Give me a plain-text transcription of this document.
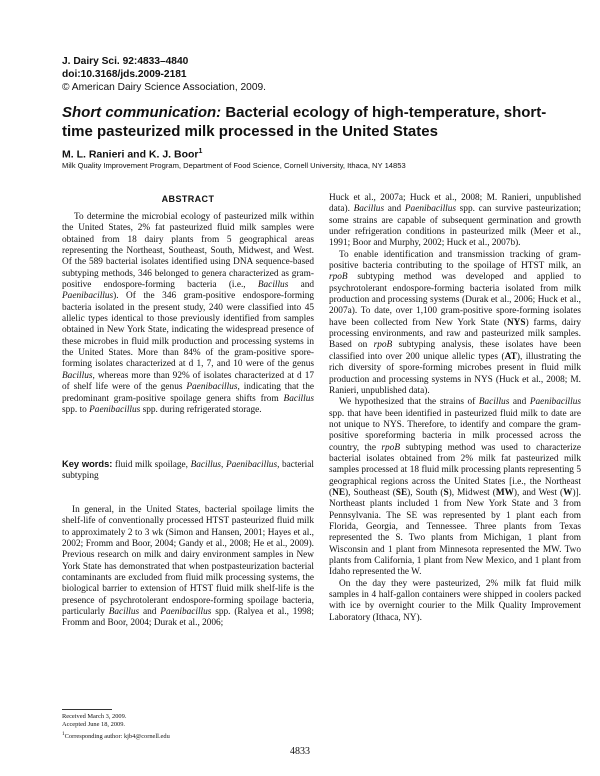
J. Dairy Sci. 92:4833–4840
doi:10.3168/jds.2009-2181
© American Dairy Science Association, 2009.
Short communication: Bacterial ecology of high-temperature, short-time pasteurized milk processed in the United States
M. L. Ranieri and K. J. Boor$^1$
Milk Quality Improvement Program, Department of Food Science, Cornell University, Ithaca, NY 14853
ABSTRACT

To determine the microbial ecology of pasteurized milk within the United States, 2% fat pasteurized fluid milk samples were obtained from 18 dairy plants from 5 geographical areas representing the Northeast, Southeast, South, Midwest, and West. Of the 589 bacterial isolates identified using DNA sequence-based subtyping methods, 346 belonged to genera characterized as gram-positive endospore-forming bacteria (i.e., Bacillus and Paenibacillus). Of the 346 gram-positive endospore-forming bacteria isolated in the present study, 240 were classified into 45 allelic types identical to those previously identified from samples obtained in New York State, indicating the widespread presence of these microbes in fluid milk production and processing systems in the United States. More than 84% of the gram-positive spore-forming isolates characterized at d 1, 7, and 10 were of the genus Bacillus, whereas more than 92% of isolates characterized at d 17 of shelf life were of the genus Paenibacillus, indicating that the predominant gram-positive spoilage genera shifts from Bacillus spp. to Paenibacillus spp. during refrigerated storage.

Key words: fluid milk spoilage, Bacillus, Paenibacillus, bacterial subtyping

In general, in the United States, bacterial spoilage limits the shelf-life of conventionally processed HTST pasteurized fluid milk to approximately 2 to 3 wk (Simon and Hansen, 2001; Hayes et al., 2002; Fromm and Boor, 2004; Gandy et al., 2008; He et al., 2009). Previous research on milk and dairy environment samples in New York State has demonstrated that when postpasteurization bacterial contaminants are excluded from fluid milk processing systems, the biological barrier to extension of HTST fluid milk shelf-life is the presence of psychrotolerant endospore-forming spoilage bacteria, particularly Bacillus and Paenibacillus spp. (Ralyea et al., 1998; Fromm and Boor, 2004; Durak et al., 2006;

Received March 3, 2009.
Accepted June 18, 2009.
$^1$Corresponding author: kjb4@cornell.edu

Huck et al., 2007a; Huck et al., 2008; M. Ranieri, unpublished data). Bacillus and Paenibacillus spp. can survive pasteurization; some strains are capable of subsequent germination and growth under refrigeration conditions in pasteurized milk (Meer et al., 1991; Boor and Murphy, 2002; Huck et al., 2007b).

To enable identification and transmission tracking of gram-positive bacteria contributing to the spoilage of HTST milk, an rpoB subtyping method was developed and applied to psychrotolerant endospore-forming bacteria isolated from milk production and processing systems (Durak et al., 2006; Huck et al., 2007a). To date, over 1,100 gram-positive spore-forming isolates have been collected from New York State (NYS) farms, dairy processing environments, and raw and pasteurized milk samples. Based on rpoB subtyping analysis, these isolates have been classified into over 200 unique allelic types (AT), illustrating the rich diversity of spore-forming microbes present in fluid milk production and processing systems in NYS (Huck et al., 2008; M. Ranieri, unpublished data).

We hypothesized that the strains of Bacillus and Paenibacillus spp. that have been identified in pasteurized fluid milk to date are not unique to NYS. Therefore, to identify and compare the gram-positive sporeforming bacteria in milk processed across the country, the rpoB subtyping method was used to characterize bacterial isolates obtained from 2% milk fat pasteurized milk samples processed at 18 fluid milk processing plants representing 5 geographical regions across the United States [i.e., the Northeast (NE), Southeast (SE), South (S), Midwest (MW), and West (W)]. Northeast plants included 1 from New York State and 3 from Pennsylvania. The SE was represented by 1 plant each from Florida, Georgia, and Tennessee. Three plants from Texas represented the S. Two plants from Michigan, 1 plant from Wisconsin and 1 plant from Minnesota represented the MW. Two plants from California, 1 plant from New Mexico, and 1 plant from Idaho represented the W.

On the day they were pasteurized, 2% milk fat fluid milk samples in 4 half-gallon containers were shipped in coolers packed with ice by overnight courier to the Milk Quality Improvement Laboratory (Ithaca, NY).

4833
